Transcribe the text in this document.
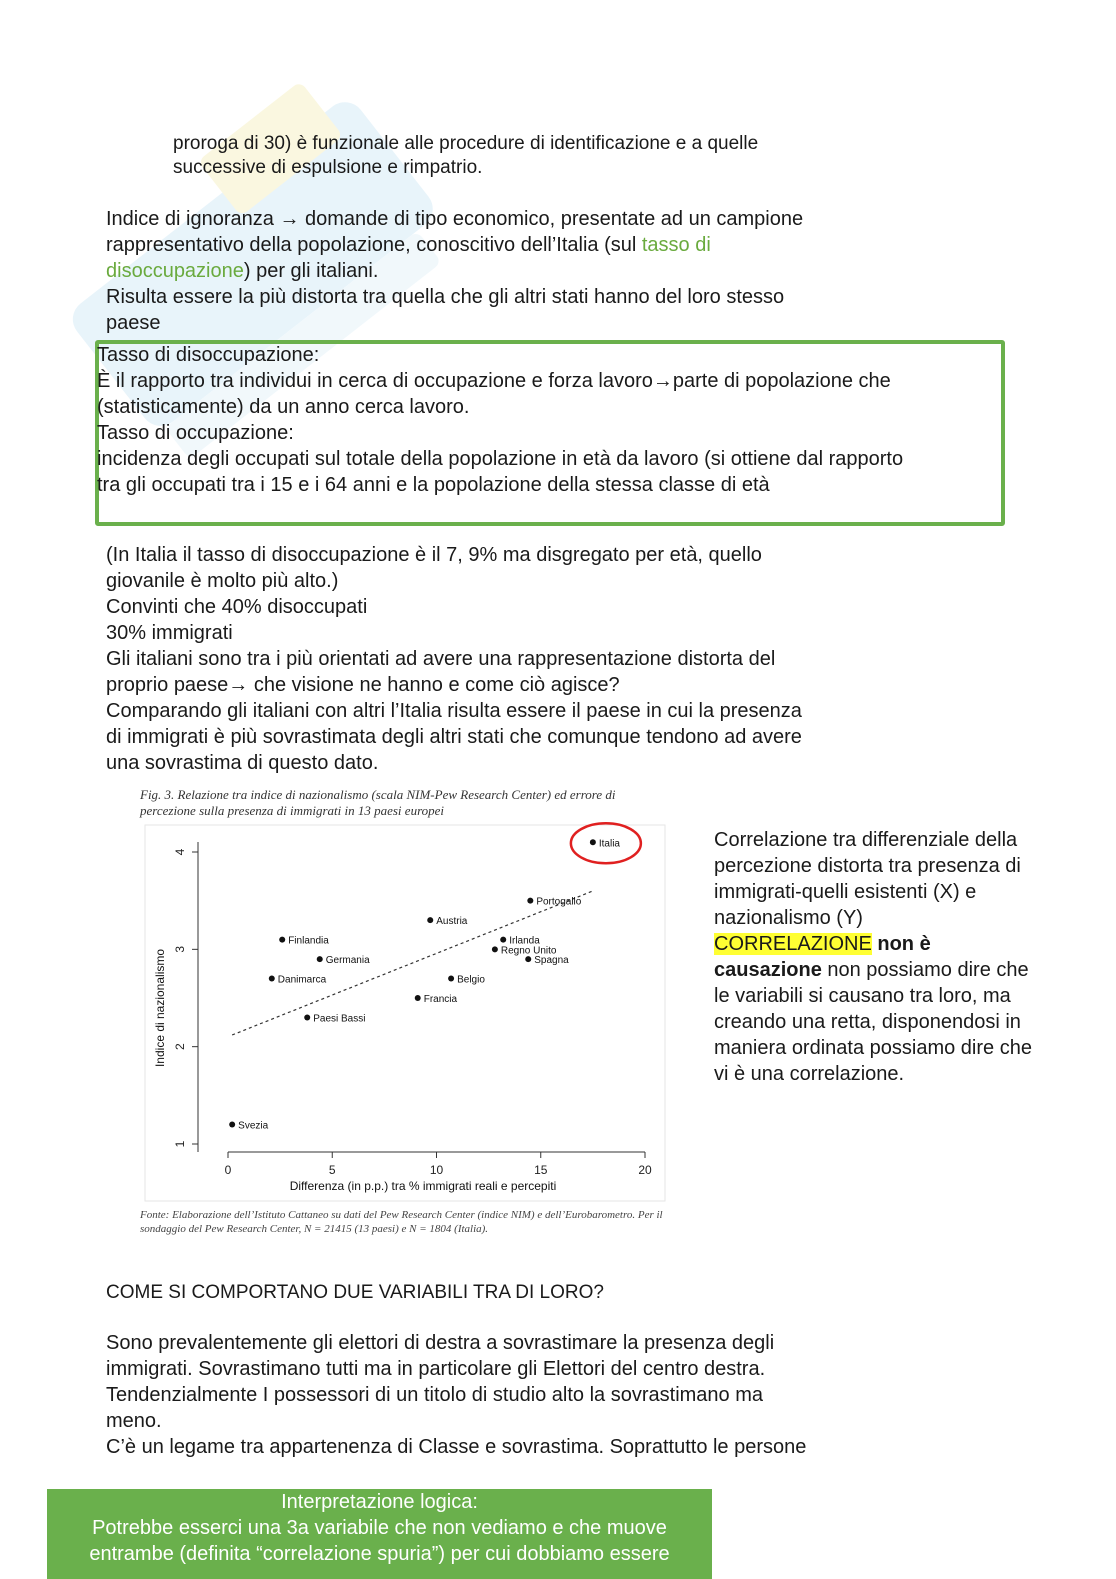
proroga di 30) è funzionale alle procedure di identificazione e a quelle
successive di espulsione e rimpatrio.

Indice di ignoranza → domande di tipo economico, presentate ad un campione

rappresentativo della popolazione, conoscitivo dell’Italia (sul tasso di

disoccupazione) per gli italiani.

Risulta essere la più distorta tra quella che gli altri stati hanno del loro stesso

paese

Tasso di disoccupazione:

È il rapporto tra individui in cerca di occupazione e forza lavoro→parte di popolazione che

(statisticamente) da un anno cerca lavoro.

Tasso di occupazione:

incidenza degli occupati sul totale della popolazione in età da lavoro (si ottiene dal rapporto

tra gli occupati tra i 15 e i 64 anni e la popolazione della stessa classe di età

(In Italia il tasso di disoccupazione è il 7, 9% ma disgregato per età, quello

giovanile è molto più alto.)

Convinti che 40% disoccupati

30% immigrati

Gli italiani sono tra i più orientati ad avere una rappresentazione distorta del

proprio paese→ che visione ne hanno e come ciò agisce?

Comparando gli italiani con altri l’Italia risulta essere il paese in cui la presenza

di immigrati è più sovrastimata degli altri stati che comunque tendono ad avere

una sovrastima di questo dato.

Fig. 3. Relazione tra indice di nazionalismo (scala NIM-Pew Research Center) ed errore di
percezione sulla presenza di immigrati in 13 paesi europei
0	5	10	15	20
1
2
3
4
Italia
Portogallo
Austria
Finlandia	Irlanda
Regno Unito
Germania	Spagna
Danimarca	Belgio
Francia
Paesi Bassi
Svezia
Differenza (in p.p.) tra % immigrati reali e percepiti
Indice di nazionalismo
Fonte: Elaborazione dell’Istituto Cattaneo su dati del Pew Research Center (indice NIM) e dell’Eurobarometro. Per il
sondaggio del Pew Research Center, N = 21415 (13 paesi) e N = 1804 (Italia).

Correlazione tra differenziale della

percezione distorta tra presenza di

immigrati-quelli esistenti (X) e

nazionalismo (Y)

CORRELAZIONE non è

causazione non possiamo dire che

le variabili si causano tra loro, ma

creando una retta, disponendosi in

maniera ordinata possiamo dire che

vi è una correlazione.

COME SI COMPORTANO DUE VARIABILI TRA DI LORO?

Sono prevalentemente gli elettori di destra a sovrastimare la presenza degli

immigrati. Sovrastimano tutti ma in particolare gli Elettori del centro destra.

Tendenzialmente I possessori di un titolo di studio alto la sovrastimano ma

meno.

C’è un legame tra appartenenza di Classe e sovrastima. Soprattutto le persone

Interpretazione logica:

Potrebbe esserci una 3a variabile che non vediamo e che muove

entrambe (definita “correlazione spuria”) per cui dobbiamo essere
